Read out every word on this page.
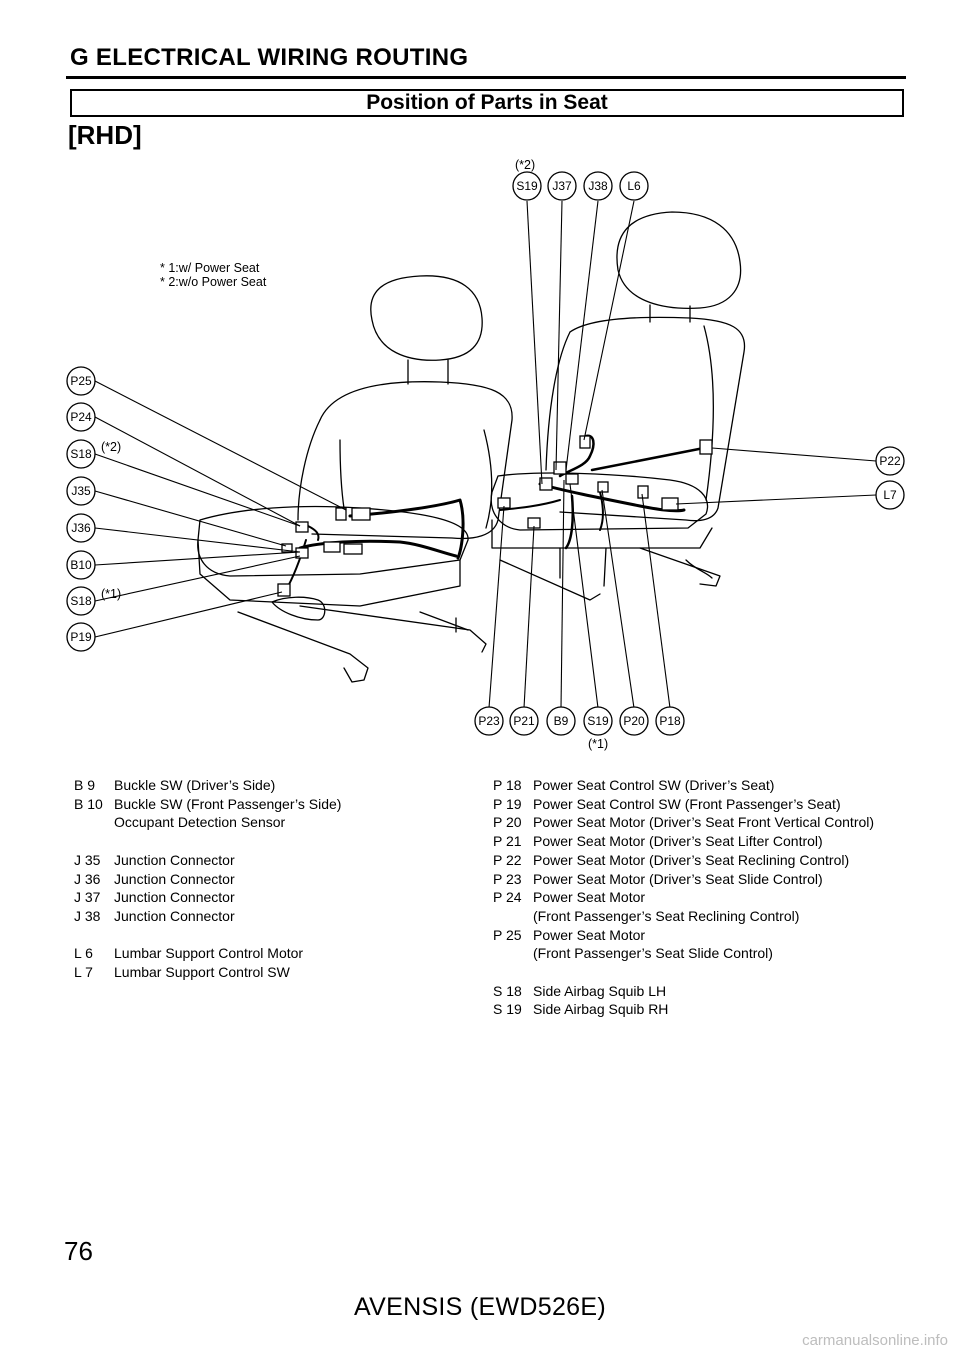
G ELECTRICAL WIRING ROUTING
Position of Parts in Seat
[RHD]
* 1:w/ Power Seat
* 2:w/o Power Seat
(*2)
(*2)
(*1)
(*1)
S19 J37 J38 L6
P25
P24
S18
J35
J36
B10
S18
P19
P22
L7
P23 P21 B9 S19 P20 P18
B 9	Buckle SW (Driver’s Side)
B 10 Buckle SW (Front Passenger’s Side)
Occupant Detection Sensor
J 35 Junction Connector
J 36 Junction Connector
J 37 Junction Connector
J 38 Junction Connector
L 6	Lumbar Support Control Motor
L 7	Lumbar Support Control SW
P 18 Power Seat Control SW (Driver’s Seat)
P 19 Power Seat Control SW (Front Passenger’s Seat)
P 20 Power Seat Motor (Driver’s Seat Front Vertical Control)
P 21 Power Seat Motor (Driver’s Seat Lifter Control)
P 22 Power Seat Motor (Driver’s Seat Reclining Control)
P 23 Power Seat Motor (Driver’s Seat Slide Control)
P 24 Power Seat Motor
(Front Passenger’s Seat Reclining Control)
P 25 Power Seat Motor
(Front Passenger’s Seat Slide Control)
S 18 Side Airbag Squib LH
S 19 Side Airbag Squib RH
76
AVENSIS (EWD526E)
carmanualsonline.info
